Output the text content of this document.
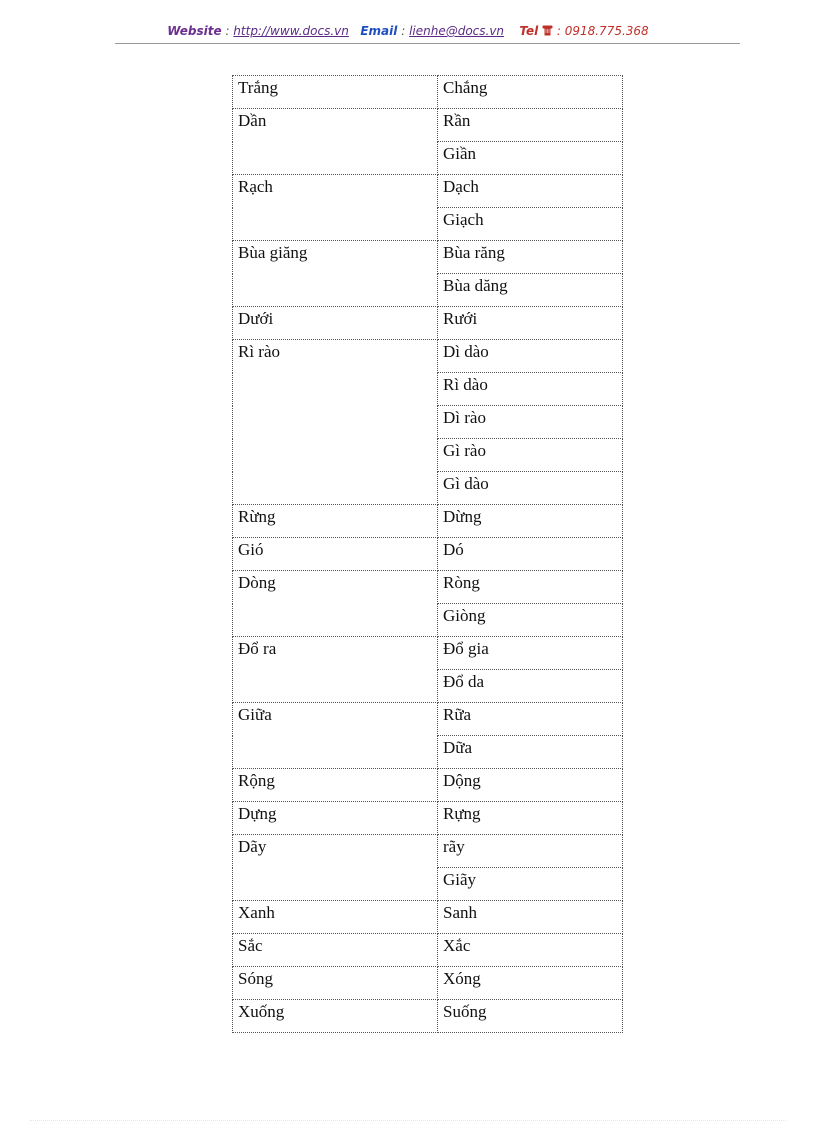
Website : http://www.docs.vn Email : lienhe@docs.vn Tel  : 0918.775.368
Trắng	Chắng
Dần	Rần
	Giần
Rạch	Dạch
	Giạch
Bùa giăng	Bùa răng
	Bùa dăng
Dưới	Rưới
Rì rào	Dì dào
	Rì dào
	Dì rào
	Gì rào
	Gì dào
Rừng	Dừng
Gió	Dó
Dòng	Ròng
	Giòng
Đổ ra	Đổ gia
	Đổ da
Giữa	Rữa
	Dữa
Rộng	Dộng
Dựng	Rựng
Dãy	rãy
	Giãy
Xanh	Sanh
Sắc	Xắc
Sóng	Xóng
Xuống	Suống
